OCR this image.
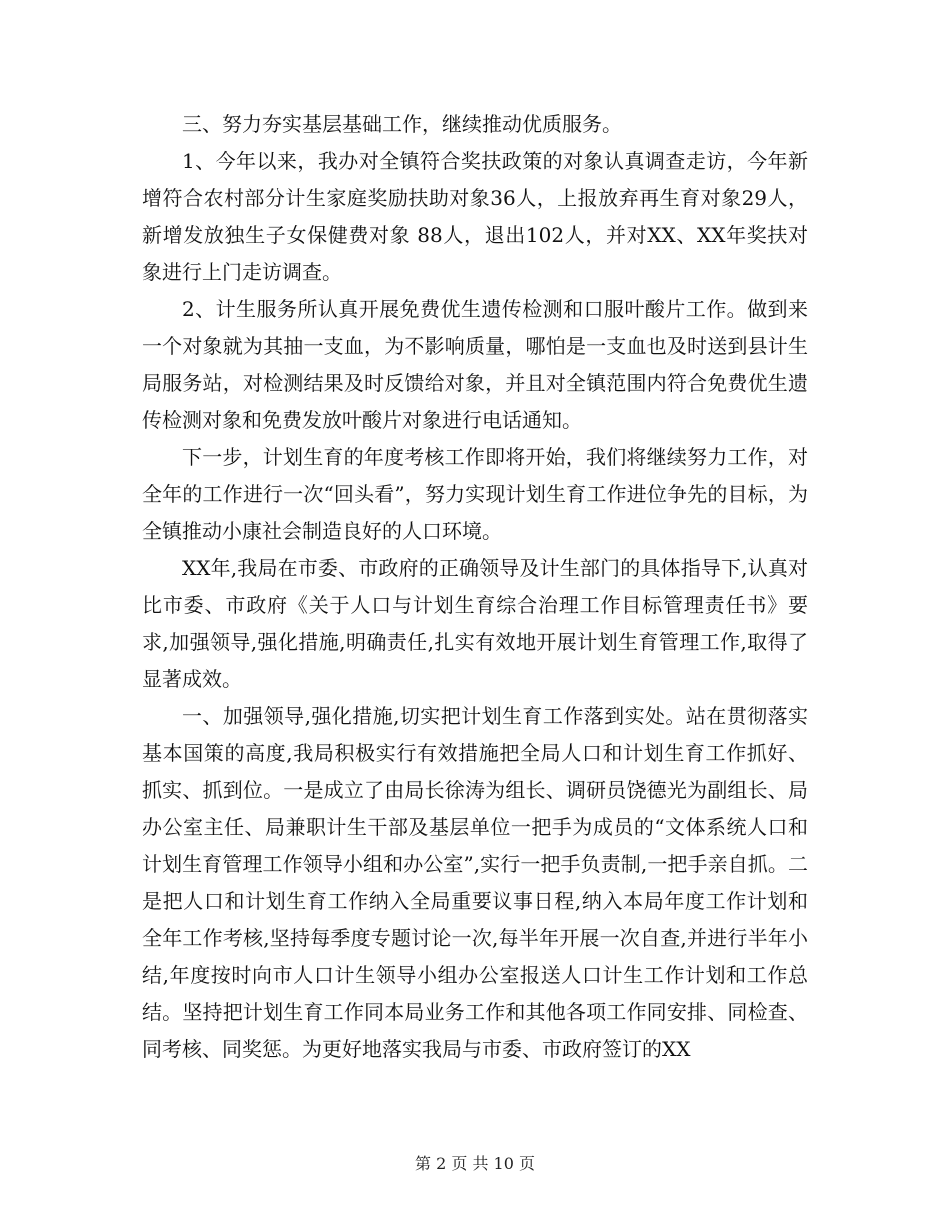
三、努力夯实基层基础工作，继续推动优质服务。

1、今年以来，我办对全镇符合奖扶政策的对象认真调查走访，今年新增符合农村部分计生家庭奖励扶助对象36人，上报放弃再生育对象29人，新增发放独生子女保健费对象 88人，退出102人，并对XX、XX年奖扶对象进行上门走访调查。

2、计生服务所认真开展免费优生遗传检测和口服叶酸片工作。做到来一个对象就为其抽一支血，为不影响质量，哪怕是一支血也及时送到县计生局服务站，对检测结果及时反馈给对象，并且对全镇范围内符合免费优生遗传检测对象和免费发放叶酸片对象进行电话通知。

下一步，计划生育的年度考核工作即将开始，我们将继续努力工作，对全年的工作进行一次“回头看”，努力实现计划生育工作进位争先的目标，为全镇推动小康社会制造良好的人口环境。

XX年,我局在市委、市政府的正确领导及计生部门的具体指导下,认真对比市委、市政府《关于人口与计划生育综合治理工作目标管理责任书》要求,加强领导,强化措施,明确责任,扎实有效地开展计划生育管理工作,取得了显著成效。

一、加强领导,强化措施,切实把计划生育工作落到实处。站在贯彻落实基本国策的高度,我局积极实行有效措施把全局人口和计划生育工作抓好、抓实、抓到位。一是成立了由局长徐涛为组长、调研员饶德光为副组长、局办公室主任、局兼职计生干部及基层单位一把手为成员的“文体系统人口和计划生育管理工作领导小组和办公室”,实行一把手负责制,一把手亲自抓。二是把人口和计划生育工作纳入全局重要议事日程,纳入本局年度工作计划和全年工作考核,坚持每季度专题讨论一次,每半年开展一次自查,并进行半年小结,年度按时向市人口计生领导小组办公室报送人口计生工作计划和工作总结。坚持把计划生育工作同本局业务工作和其他各项工作同安排、同检查、同考核、同奖惩。为更好地落实我局与市委、市政府签订的XX

第 2 页 共 10 页
